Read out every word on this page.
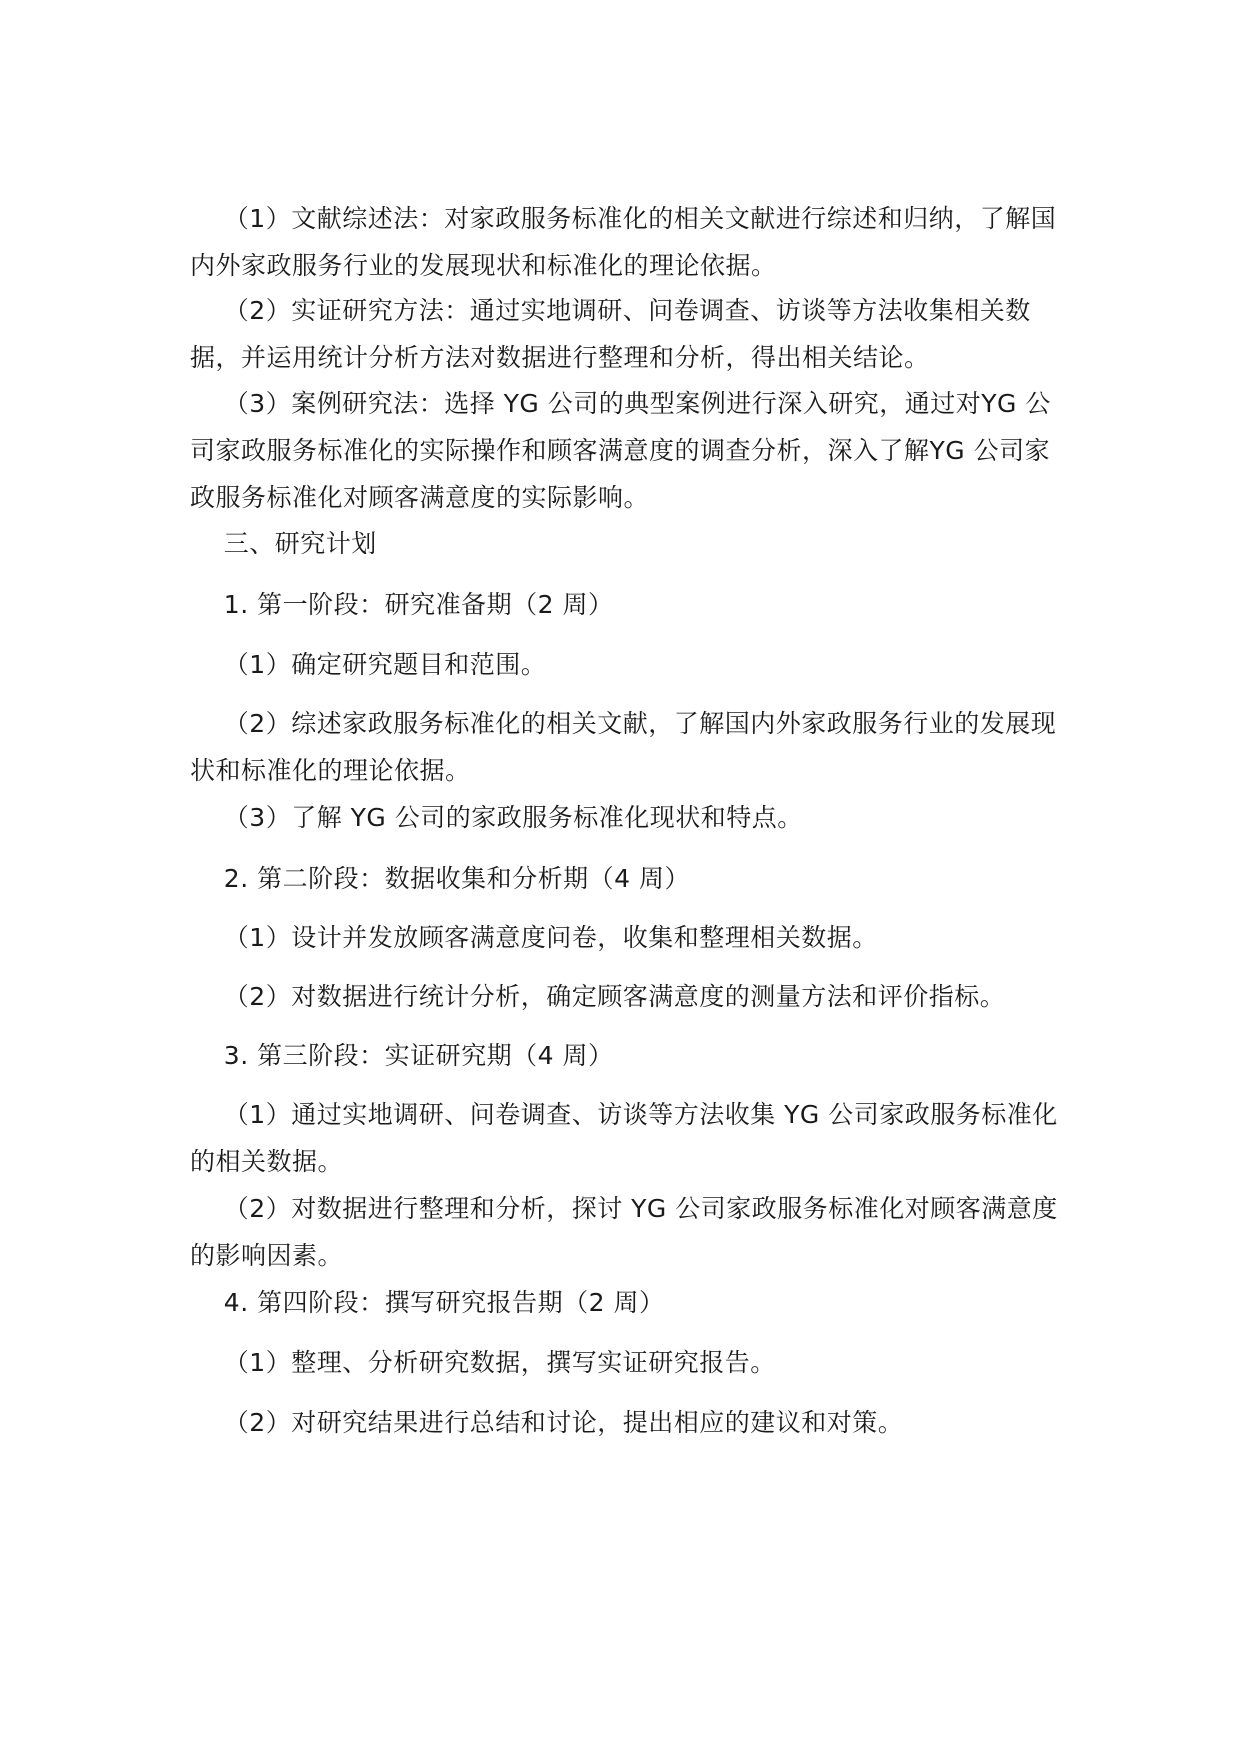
（1）文献综述法：对家政服务标准化的相关文献进行综述和归纳，了解国内外家政服务行业的发展现状和标准化的理论依据。

（2）实证研究方法：通过实地调研、问卷调查、访谈等方法收集相关数据，并运用统计分析方法对数据进行整理和分析，得出相关结论。

（3）案例研究法：选择 YG 公司的典型案例进行深入研究，通过对YG 公司家政服务标准化的实际操作和顾客满意度的调查分析，深入了解YG 公司家政服务标准化对顾客满意度的实际影响。

三、研究计划

1. 第一阶段：研究准备期（2 周）

（1）确定研究题目和范围。

（2）综述家政服务标准化的相关文献，了解国内外家政服务行业的发展现状和标准化的理论依据。

（3）了解 YG 公司的家政服务标准化现状和特点。

2. 第二阶段：数据收集和分析期（4 周）

（1）设计并发放顾客满意度问卷，收集和整理相关数据。

（2）对数据进行统计分析，确定顾客满意度的测量方法和评价指标。

3. 第三阶段：实证研究期（4 周）

（1）通过实地调研、问卷调查、访谈等方法收集 YG 公司家政服务标准化的相关数据。

（2）对数据进行整理和分析，探讨 YG 公司家政服务标准化对顾客满意度的影响因素。

4. 第四阶段：撰写研究报告期（2 周）

（1）整理、分析研究数据，撰写实证研究报告。

（2）对研究结果进行总结和讨论，提出相应的建议和对策。
